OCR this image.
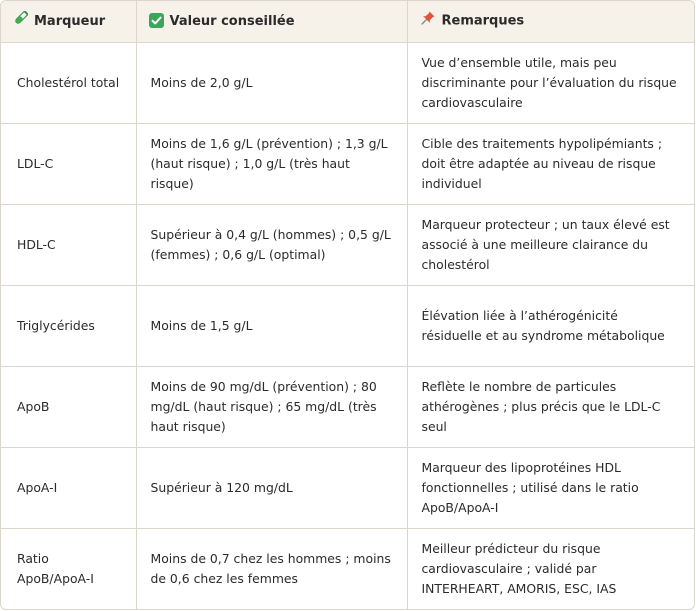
Marqueur	Valeur conseillée	Remarques
Cholestérol total	Moins de 2,0 g/L	Vue d’ensemble utile, mais peu discriminante pour l’évaluation du risque cardiovasculaire
LDL-C	Moins de 1,6 g/L (prévention) ; 1,3 g/L (haut risque) ; 1,0 g/L (très haut risque)	Cible des traitements hypolipémiants ; doit être adaptée au niveau de risque individuel
HDL-C	Supérieur à 0,4 g/L (hommes) ; 0,5 g/L (femmes) ; 0,6 g/L (optimal)	Marqueur protecteur ; un taux élevé est associé à une meilleure clairance du cholestérol
Triglycérides	Moins de 1,5 g/L	Élévation liée à l’athérogénicité résiduelle et au syndrome métabolique
ApoB	Moins de 90 mg/dL (prévention) ; 80 mg/dL (haut risque) ; 65 mg/dL (très haut risque)	Reflète le nombre de particules athérogènes ; plus précis que le LDL-C seul
ApoA-I	Supérieur à 120 mg/dL	Marqueur des lipoprotéines HDL fonctionnelles ; utilisé dans le ratio ApoB/ApoA-I
Ratio ApoB/ApoA-I	Moins de 0,7 chez les hommes ; moins de 0,6 chez les femmes	Meilleur prédicteur du risque cardiovasculaire ; validé par INTERHEART, AMORIS, ESC, IAS
